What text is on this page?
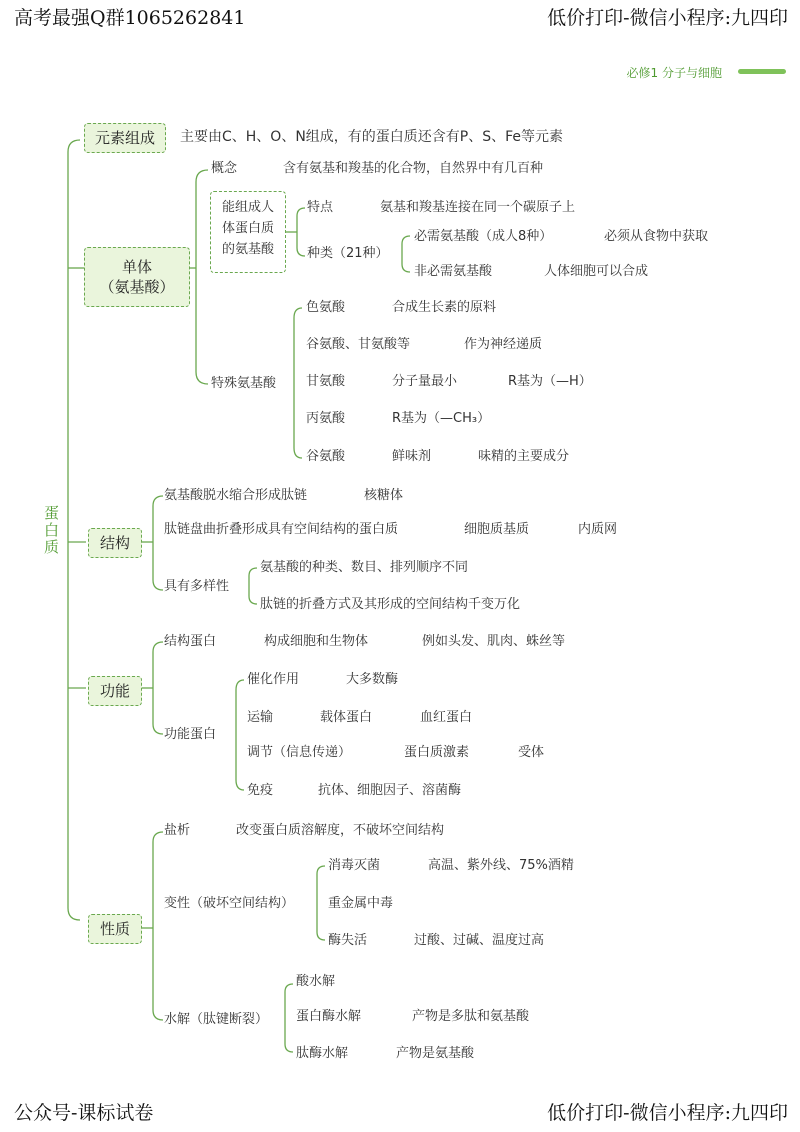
高考最强Q群1065262841	低价打印-微信小程序:九四印
公众号-课标试卷	低价打印-微信小程序:九四印
必修1 分子与细胞
蛋白质
元素组成	主要由C、H、O、N组成，有的蛋白质还含有P、S、Fe等元素
单体
（氨基酸）
概念	含有氨基和羧基的化合物，自然界中有几百种
能组成人
体蛋白质
的氨基酸
特点	氨基和羧基连接在同一个碳原子上
种类（21种）
必需氨基酸（成人8种）	必须从食物中获取
非必需氨基酸	人体细胞可以合成
特殊氨基酸
色氨酸	合成生长素的原料
谷氨酸、甘氨酸等	作为神经递质
甘氨酸	分子量最小	R基为（—H）
丙氨酸	R基为（—CH₃）
谷氨酸	鲜味剂	味精的主要成分
结构
氨基酸脱水缩合形成肽链	核糖体
肽链盘曲折叠形成具有空间结构的蛋白质	细胞质基质	内质网
具有多样性
氨基酸的种类、数目、排列顺序不同
肽链的折叠方式及其形成的空间结构千变万化
功能
结构蛋白	构成细胞和生物体	例如头发、肌肉、蛛丝等
功能蛋白
催化作用	大多数酶
运输	载体蛋白	血红蛋白
调节（信息传递）	蛋白质激素	受体
免疫	抗体、细胞因子、溶菌酶
性质
盐析	改变蛋白质溶解度，不破坏空间结构
变性（破坏空间结构）
消毒灭菌	高温、紫外线、75%酒精
重金属中毒
酶失活	过酸、过碱、温度过高
水解（肽键断裂）
酸水解
蛋白酶水解	产物是多肽和氨基酸
肽酶水解	产物是氨基酸
